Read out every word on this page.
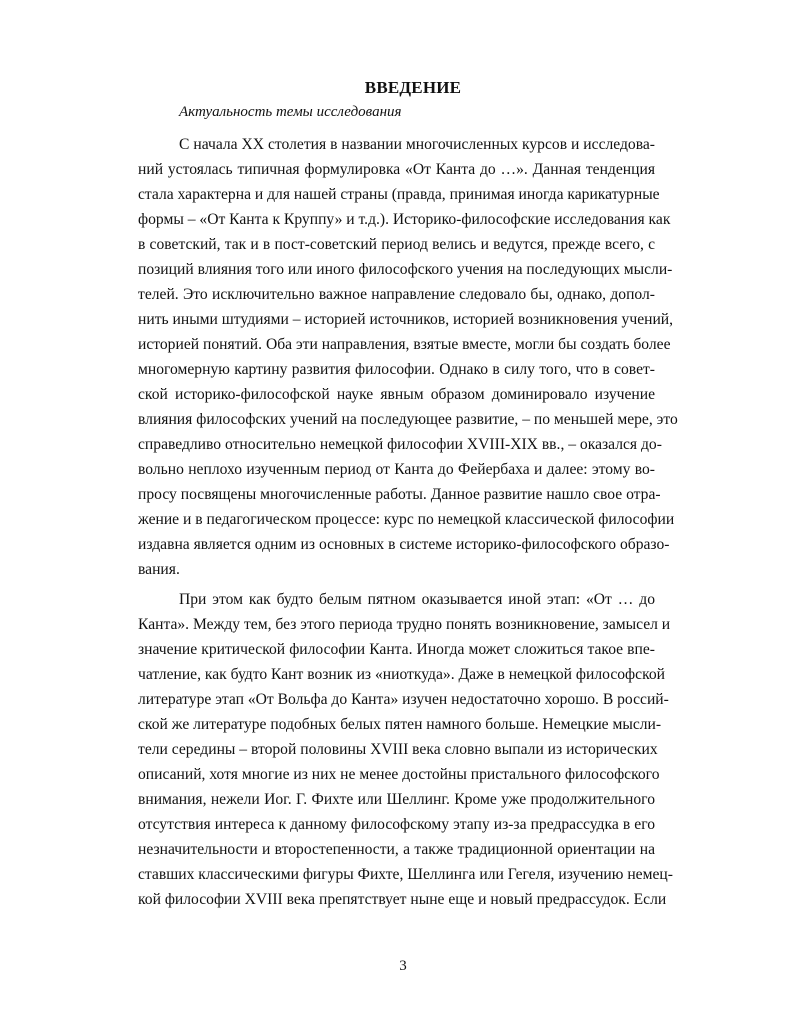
ВВЕДЕНИЕ
Актуальность темы исследования
С начала XX столетия в названии многочисленных курсов и исследова-
ний устоялась типичная формулировка «От Канта до …». Данная тенденция
стала характерна и для нашей страны (правда, принимая иногда карикатурные
формы – «От Канта к Круппу» и т.д.). Историко-философские исследования как
в советский, так и в пост-советский период велись и ведутся, прежде всего, с
позиций влияния того или иного философского учения на последующих мысли-
телей. Это исключительно важное направление следовало бы, однако, допол-
нить иными штудиями – историей источников, историей возникновения учений,
историей понятий. Оба эти направления, взятые вместе, могли бы создать более
многомерную картину развития философии. Однако в силу того, что в совет-
ской историко-философской науке явным образом доминировало изучение
влияния философских учений на последующее развитие, – по меньшей мере, это
справедливо относительно немецкой философии XVIII-XIX вв., – оказался до-
вольно неплохо изученным период от Канта до Фейербаха и далее: этому во-
просу посвящены многочисленные работы. Данное развитие нашло свое отра-
жение и в педагогическом процессе: курс по немецкой классической философии
издавна является одним из основных в системе историко-философского образо-
вания.
При этом как будто белым пятном оказывается иной этап: «От … до
Канта». Между тем, без этого периода трудно понять возникновение, замысел и
значение критической философии Канта. Иногда может сложиться такое впе-
чатление, как будто Кант возник из «ниоткуда». Даже в немецкой философской
литературе этап «От Вольфа до Канта» изучен недостаточно хорошо. В россий-
ской же литературе подобных белых пятен намного больше. Немецкие мысли-
тели середины – второй половины XVIII века словно выпали из исторических
описаний, хотя многие из них не менее достойны пристального философского
внимания, нежели Иог. Г. Фихте или Шеллинг. Кроме уже продолжительного
отсутствия интереса к данному философскому этапу из-за предрассудка в его
незначительности и второстепенности, а также традиционной ориентации на
ставших классическими фигуры Фихте, Шеллинга или Гегеля, изучению немец-
кой философии XVIII века препятствует ныне еще и новый предрассудок. Если
3
